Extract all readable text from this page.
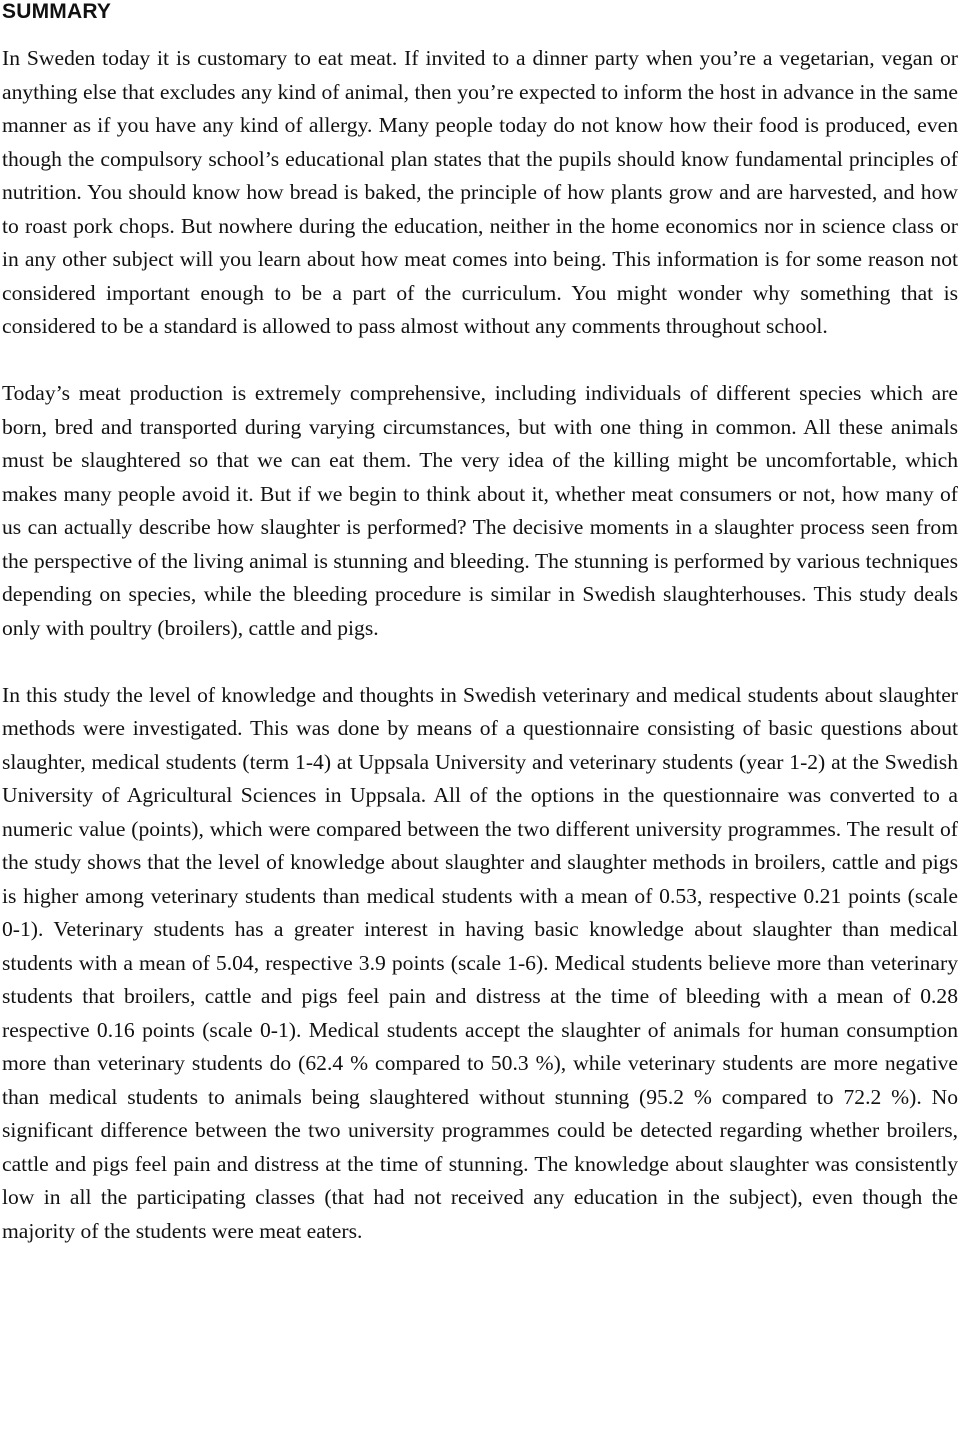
SUMMARY

In Sweden today it is customary to eat meat. If invited to a dinner party when you’re a vegetarian, vegan or anything else that excludes any kind of animal, then you’re expected to inform the host in advance in the same manner as if you have any kind of allergy. Many people today do not know how their food is produced, even though the compulsory school’s educational plan states that the pupils should know fundamental principles of nutrition. You should know how bread is baked, the principle of how plants grow and are harvested, and how to roast pork chops. But nowhere during the education, neither in the home economics nor in science class or in any other subject will you learn about how meat comes into being. This information is for some reason not considered important enough to be a part of the curriculum. You might wonder why something that is considered to be a standard is allowed to pass almost without any comments throughout school.

Today’s meat production is extremely comprehensive, including individuals of different species which are born, bred and transported during varying circumstances, but with one thing in common. All these animals must be slaughtered so that we can eat them. The very idea of the killing might be uncomfortable, which makes many people avoid it. But if we begin to think about it, whether meat consumers or not, how many of us can actually describe how slaughter is performed? The decisive moments in a slaughter process seen from the perspective of the living animal is stunning and bleeding. The stunning is performed by various techniques depending on species, while the bleeding procedure is similar in Swedish slaughterhouses. This study deals only with poultry (broilers), cattle and pigs.

In this study the level of knowledge and thoughts in Swedish veterinary and medical students about slaughter methods were investigated. This was done by means of a questionnaire consisting of basic questions about slaughter, medical students (term 1-4) at Uppsala University and veterinary students (year 1-2) at the Swedish University of Agricultural Sciences in Uppsala. All of the options in the questionnaire was converted to a numeric value (points), which were compared between the two different university programmes. The result of the study shows that the level of knowledge about slaughter and slaughter methods in broilers, cattle and pigs is higher among veterinary students than medical students with a mean of 0.53, respective 0.21 points (scale 0-1). Veterinary students has a greater interest in having basic knowledge about slaughter than medical students with a mean of 5.04, respective 3.9 points (scale 1-6). Medical students believe more than veterinary students that broilers, cattle and pigs feel pain and distress at the time of bleeding with a mean of 0.28 respective 0.16 points (scale 0-1). Medical students accept the slaughter of animals for human consumption more than veterinary students do (62.4 % compared to 50.3 %), while veterinary students are more negative than medical students to animals being slaughtered without stunning (95.2 % compared to 72.2 %). No significant difference between the two university programmes could be detected regarding whether broilers, cattle and pigs feel pain and distress at the time of stunning. The knowledge about slaughter was consistently low in all the participating classes (that had not received any education in the subject), even though the majority of the students were meat eaters.
